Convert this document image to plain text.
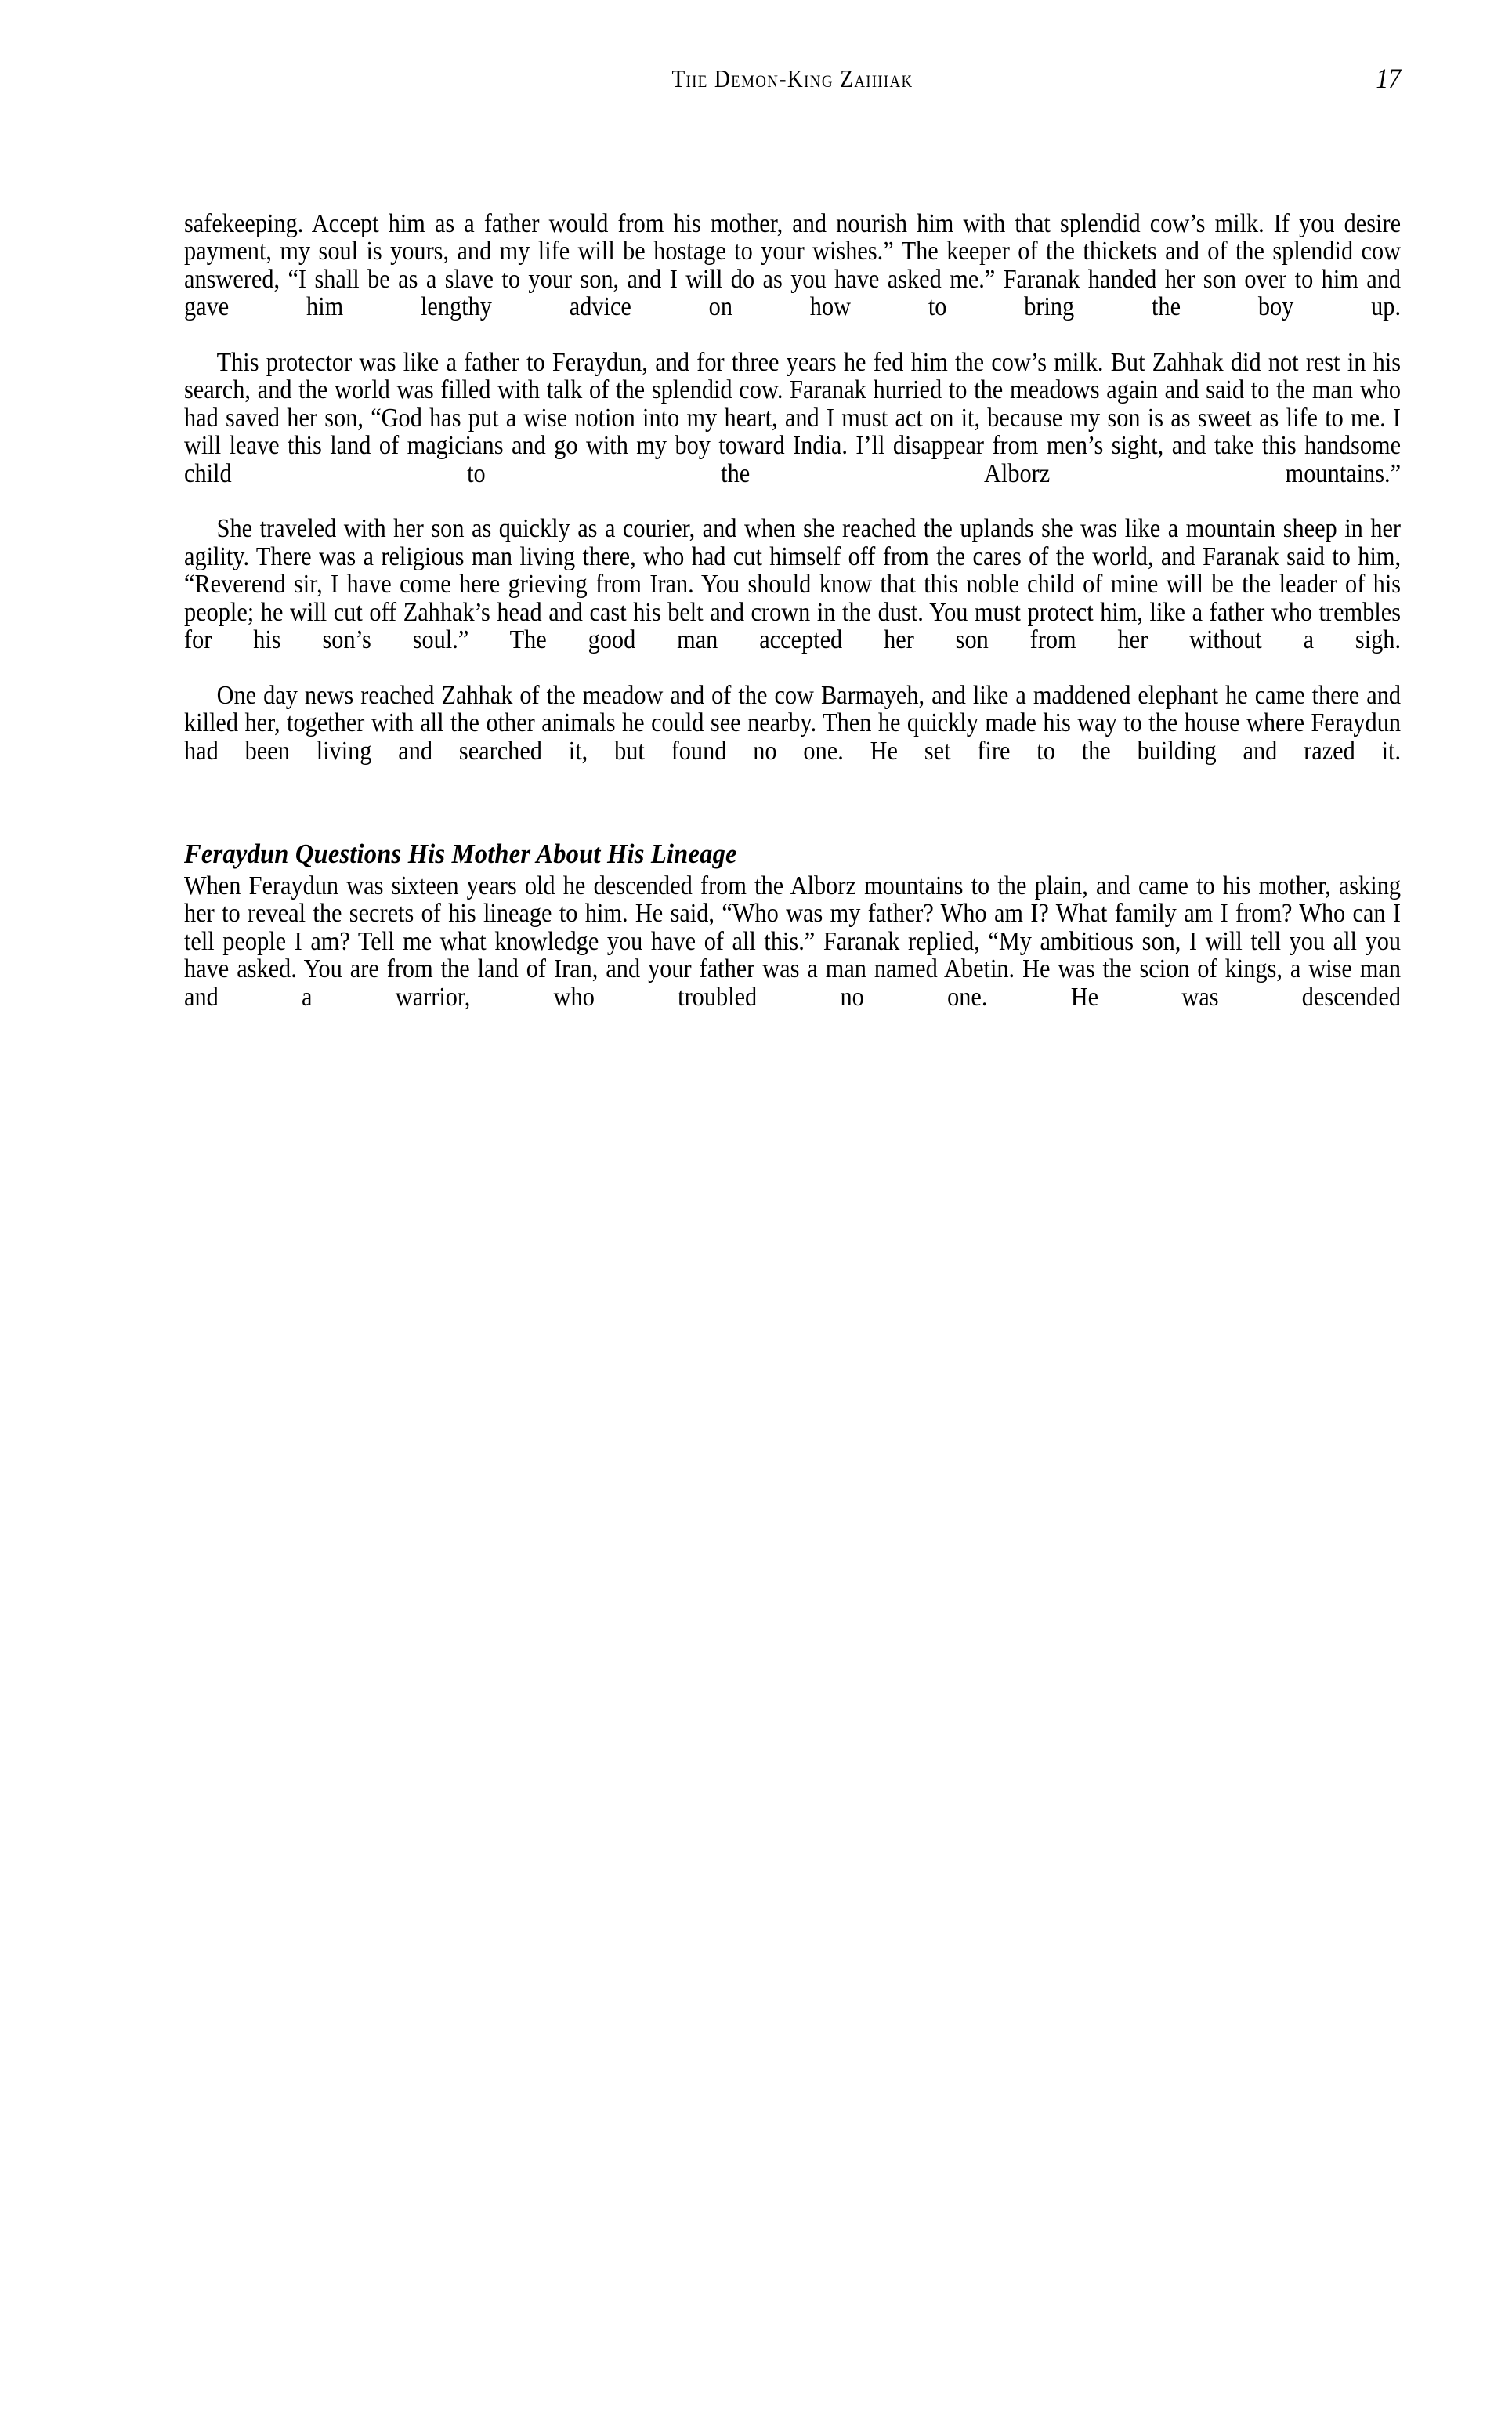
The Demon-King Zahhak	17

safekeeping. Accept him as a father would from his mother, and nourish him with that splendid cow’s milk. If you desire payment, my soul is yours, and my life will be hostage to your wishes.” The keeper of the thickets and of the splendid cow answered, “I shall be as a slave to your son, and I will do as you have asked me.” Faranak handed her son over to him and gave him lengthy advice on how to bring the boy up.

This protector was like a father to Feraydun, and for three years he fed him the cow’s milk. But Zahhak did not rest in his search, and the world was filled with talk of the splendid cow. Faranak hurried to the meadows again and said to the man who had saved her son, “God has put a wise notion into my heart, and I must act on it, because my son is as sweet as life to me. I will leave this land of magicians and go with my boy toward India. I’ll disappear from men’s sight, and take this handsome child to the Alborz mountains.”

She traveled with her son as quickly as a courier, and when she reached the uplands she was like a mountain sheep in her agility. There was a religious man living there, who had cut himself off from the cares of the world, and Faranak said to him, “Reverend sir, I have come here grieving from Iran. You should know that this noble child of mine will be the leader of his people; he will cut off Zahhak’s head and cast his belt and crown in the dust. You must protect him, like a father who trembles for his son’s soul.” The good man accepted her son from her without a sigh.

One day news reached Zahhak of the meadow and of the cow Barmayeh, and like a maddened elephant he came there and killed her, together with all the other animals he could see nearby. Then he quickly made his way to the house where Feraydun had been living and searched it, but found no one. He set fire to the building and razed it.

Feraydun Questions His Mother About His Lineage

When Feraydun was sixteen years old he descended from the Alborz mountains to the plain, and came to his mother, asking her to reveal the secrets of his lineage to him. He said, “Who was my father? Who am I? What family am I from? Who can I tell people I am? Tell me what knowledge you have of all this.” Faranak replied, “My ambitious son, I will tell you all you have asked. You are from the land of Iran, and your father was a man named Abetin. He was the scion of kings, a wise man and a warrior, who troubled no one. He was descended
